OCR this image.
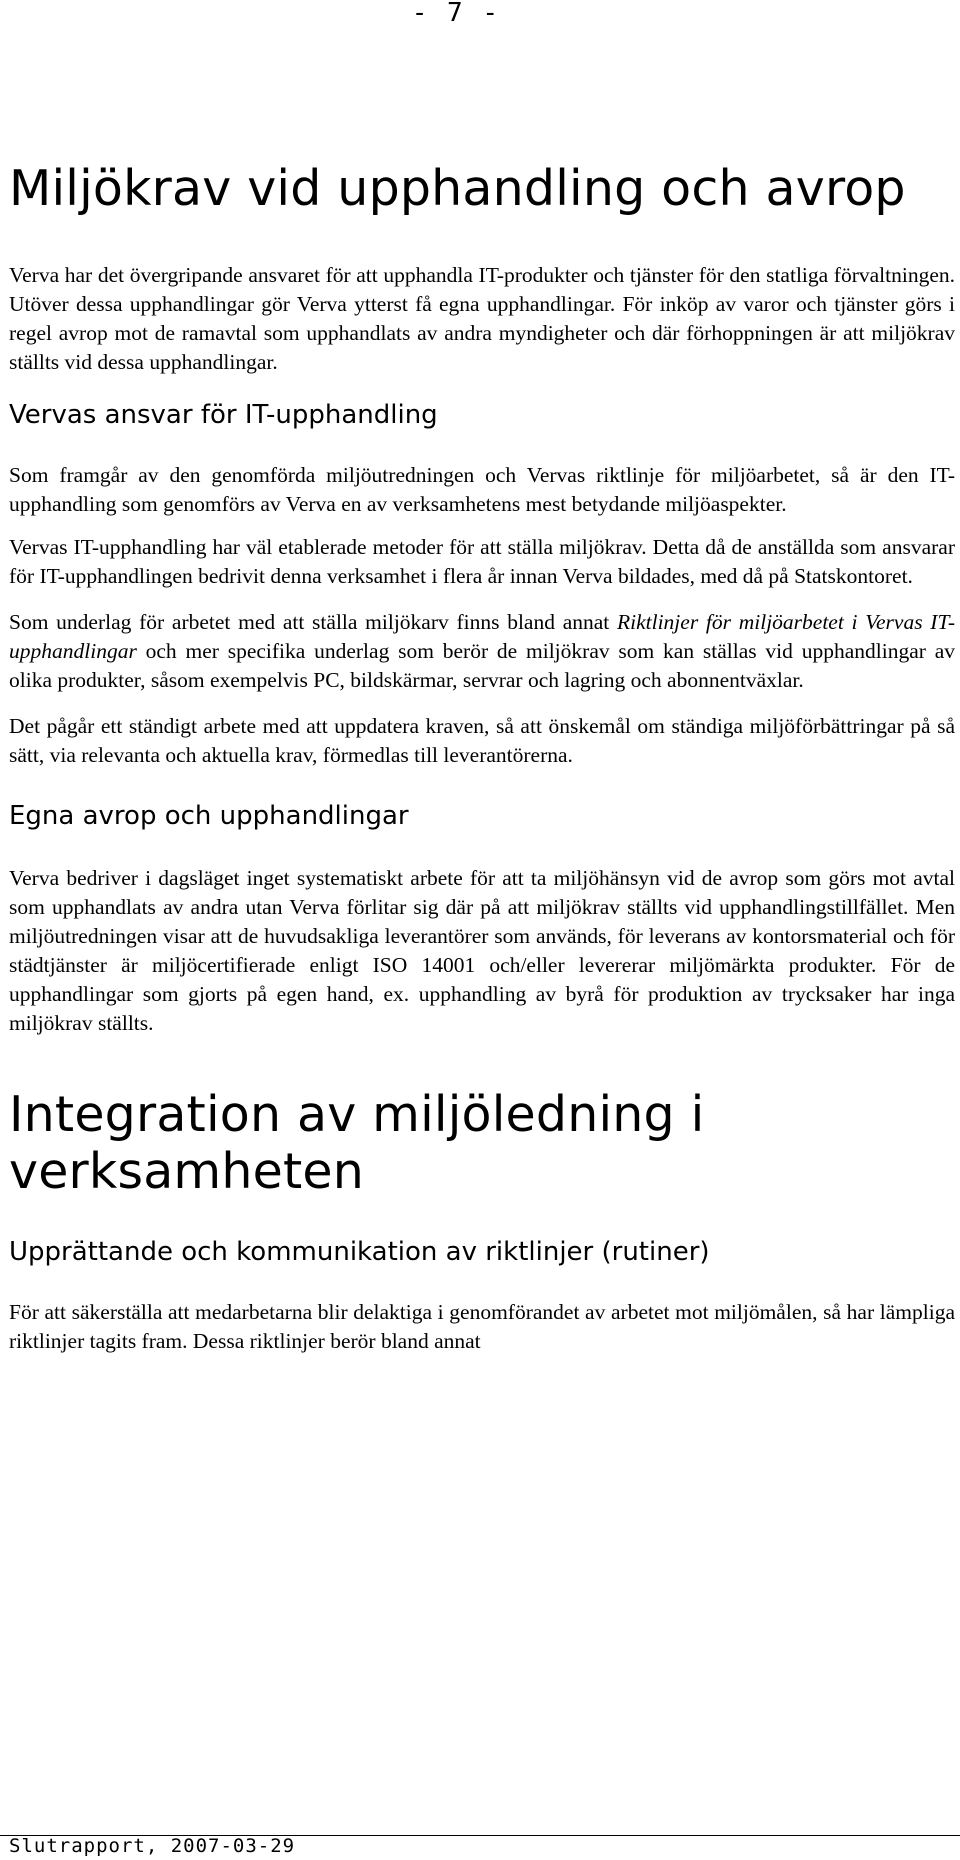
- 7 -
Miljökrav vid upphandling och avrop

Verva har det övergripande ansvaret för att upphandla IT-produkter och tjänster för den statliga förvaltningen. Utöver dessa upphandlingar gör Verva ytterst få egna upphandlingar. För inköp av varor och tjänster görs i regel avrop mot de ramavtal som upphandlats av andra myndigheter och där förhoppningen är att miljökrav ställts vid dessa upphandlingar.

Vervas ansvar för IT-upphandling

Som framgår av den genomförda miljöutredningen och Vervas riktlinje för miljöarbetet, så är den IT-upphandling som genomförs av Verva en av verksamhetens mest betydande miljöaspekter.

Vervas IT-upphandling har väl etablerade metoder för att ställa miljökrav. Detta då de anställda som ansvarar för IT-upphandlingen bedrivit denna verksamhet i flera år innan Verva bildades, med då på Statskontoret.

Som underlag för arbetet med att ställa miljökarv finns bland annat Riktlinjer för miljöarbetet i Vervas IT-upphandlingar och mer specifika underlag som berör de miljökrav som kan ställas vid upphandlingar av olika produkter, såsom exempelvis PC, bildskärmar, servrar och lagring och abonnentväxlar.

Det pågår ett ständigt arbete med att uppdatera kraven, så att önskemål om ständiga miljöförbättringar på så sätt, via relevanta och aktuella krav, förmedlas till leverantörerna.

Egna avrop och upphandlingar

Verva bedriver i dagsläget inget systematiskt arbete för att ta miljöhänsyn vid de avrop som görs mot avtal som upphandlats av andra utan Verva förlitar sig där på att miljökrav ställts vid upphandlingstillfället. Men miljöutredningen visar att de huvudsakliga leverantörer som används, för leverans av kontorsmaterial och för städtjänster är miljöcertifierade enligt ISO 14001 och/eller levererar miljömärkta produkter. För de upphandlingar som gjorts på egen hand, ex. upphandling av byrå för produktion av trycksaker har inga miljökrav ställts.

Integration av miljöledning i verksamheten
Upprättande och kommunikation av riktlinjer (rutiner)

För att säkerställa att medarbetarna blir delaktiga i genomförandet av arbetet mot miljömålen, så har lämpliga riktlinjer tagits fram. Dessa riktlinjer berör bland annat

Slutrapport, 2007-03-29
